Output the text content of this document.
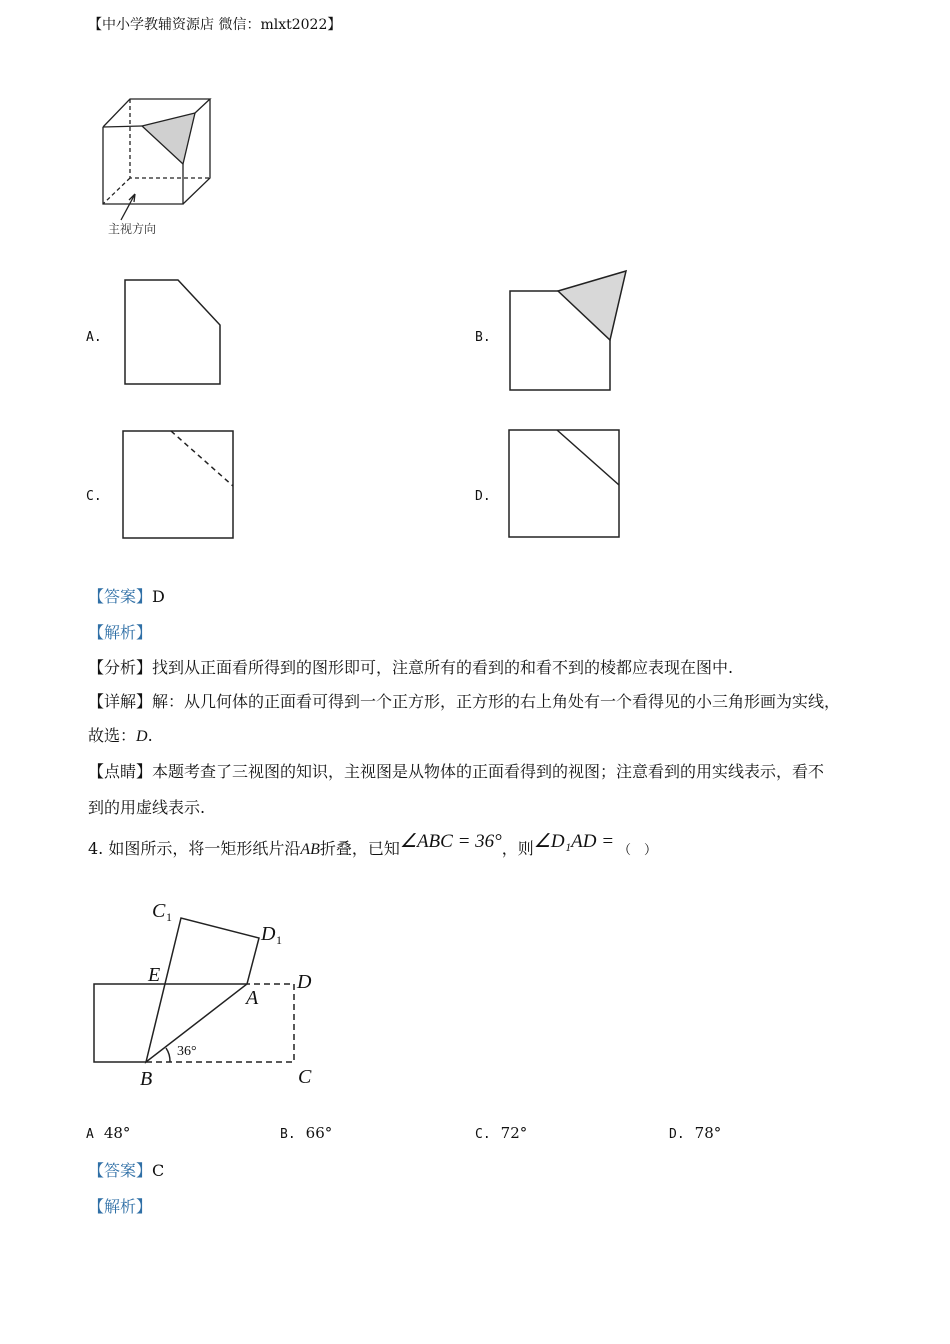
【中小学教辅资源店 微信：mlxt2022】
主视方向
A.	B.
C.	D.
【答案】D
【解析】
【分析】找到从正面看所得到的图形即可，注意所有的看到的和看不到的棱都应表现在图中.
【详解】解：从几何体的正面看可得到一个正方形，正方形的右上角处有一个看得见的小三角形画为实线，
故选：D.
【点睛】本题考查了三视图的知识，主视图是从物体的正面看得到的视图；注意看到的用实线表示，看不
到的用虚线表示.
4. 如图所示，将一矩形纸片沿AB折叠，已知∠ABC = 36°，则∠D₁AD = （　）
C 1
D 1
E	D
A
36°
B	C
A 48°	B. 66°	C. 72°	D. 78°
【答案】C
【解析】
